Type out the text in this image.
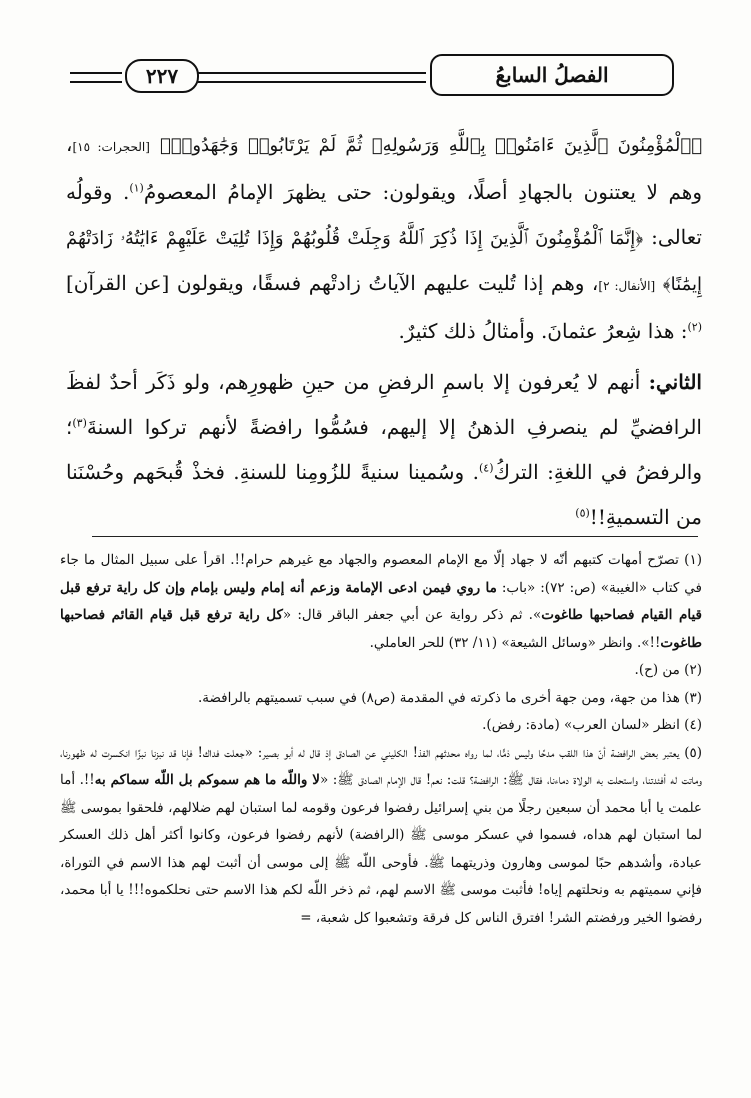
٢٢٧	الفصلُ السابعُ

﴿ٱلْمُؤْمِنُونَ ٱلَّذِينَ ءَامَنُوا۟ بِٱللَّهِ وَرَسُولِهِۦ ثُمَّ لَمْ يَرْتَابُوا۟ وَجَٰهَدُوا۟﴾ [الحجرات: ١٥]، وهم لا يعتنون بالجهادِ أصلًا، ويقولون: حتى يظهرَ الإمامُ المعصومُ$^{(١)}$. وقولُه تعالى: ﴿إِنَّمَا ٱلْمُؤْمِنُونَ ٱلَّذِينَ إِذَا ذُكِرَ ٱللَّهُ وَجِلَتْ قُلُوبُهُمْ وَإِذَا تُلِيَتْ عَلَيْهِمْ ءَايَٰتُهُۥ زَادَتْهُمْ إِيمَٰنًا﴾ [الأنفال: ٢]، وهم إذا تُليت عليهم الآياتُ زادتْهم فسقًا، ويقولون [عن القرآن]$^{(٢)}$: هذا شِعرُ عثمانَ. وأمثالُ ذلك كثيرٌ.

الثاني: أنهم لا يُعرفون إلا باسمِ الرفضِ من حينِ ظهورِهم، ولو ذَكَر أحدٌ لفظَ الرافضيِّ لم ينصرفِ الذهنُ إلا إليهم، فسُمُّوا رافضةً لأنهم تركوا السنةَ$^{(٣)}$؛ والرفضُ في اللغةِ: التركُ$^{(٤)}$. وسُمينا سنيةً للزُومِنا للسنةِ. فخذْ قُبحَهم وحُسْنَنا من التسميةِ!!$^{(٥)}$

(١) تصرّح أمهات كتبهم أنّه لا جهاد إلّا مع الإمام المعصوم والجهاد مع غيرهم حرام!!. اقرأ على سبيل المثال ما جاء في كتاب «الغيبة» (ص: ٧٢): «باب: ما روي فيمن ادعى الإمامة وزعم أنه إمام وليس بإمام وإن كل راية ترفع قبل قيام القيام فصاحبها طاغوت». ثم ذكر رواية عن أبي جعفر الباقر قال: «كل راية ترفع قبل قيام القائم فصاحبها طاغوت!!». وانظر «وسائل الشيعة» (١١/ ٣٢) للحر العاملي.

(٢) من (ح).

(٣) هذا من جهة، ومن جهة أخرى ما ذكرته في المقدمة (ص٨) في سبب تسميتهم بالرافضة.

(٤) انظر «لسان العرب» (مادة: رفض).

(٥) يعتبر بعض الرافضة أنّ هذا اللقب مدحًا وليس ذمًّا، لما رواه محدثهم الفذ! الكليني عن الصادق إذ قال له أبو بصير: «جعلت فداك! فإنا قد نبزنا نبزًا انكسرت له ظهورنا، وماتت له أفئدتنا، واستحلت به الولاة دماءنا، فقال ﷺ: الرافضة؟ قلت: نعم! قال الإمام الصادق ﷺ: «لا واللّه ما هم سموكم بل اللّه سماكم به!!. أما علمت يا أبا محمد أن سبعين رجلًا من بني إسرائيل رفضوا فرعون وقومه لما استبان لهم ضلالهم، فلحقوا بموسى ﷺ لما استبان لهم هداه، فسموا في عسكر موسى ﷺ (الرافضة) لأنهم رفضوا فرعون، وكانوا أكثر أهل ذلك العسكر عبادة، وأشدهم حبًا لموسى وهارون وذريتهما ﷺ. فأوحى اللّه ﷺ إلى موسى أن أثبت لهم هذا الاسم في التوراة، فإني سميتهم به ونحلتهم إياه! فأثبت موسى ﷺ الاسم لهم، ثم ذخر اللّه لكم هذا الاسم حتى نحلكموه!!! يا أبا محمد، رفضوا الخير ورفضتم الشر! افترق الناس كل فرقة وتشعبوا كل شعبة، =
